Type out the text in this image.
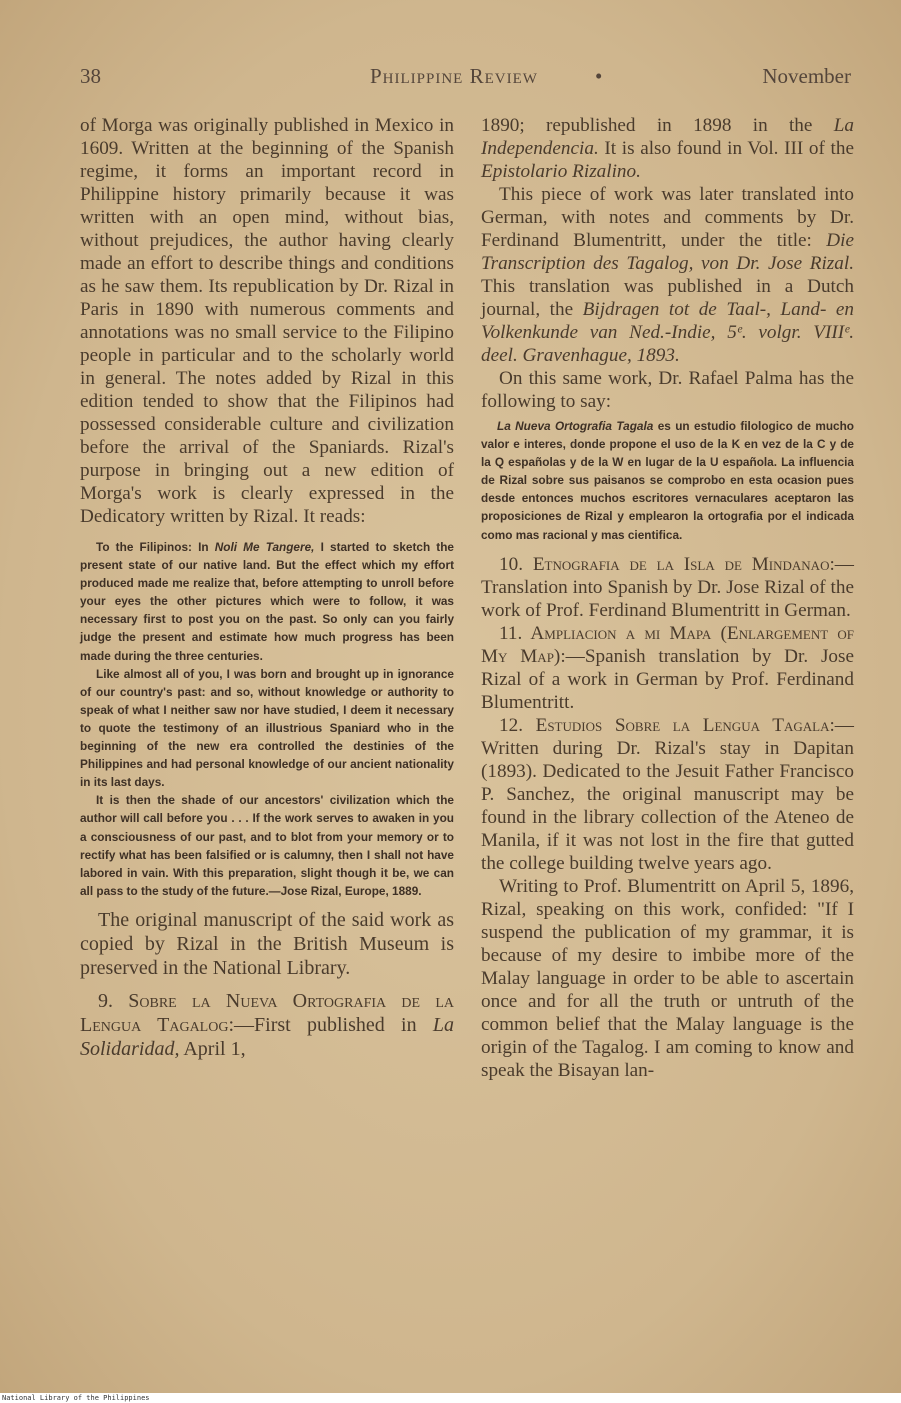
38	Philippine Review	•	November

of Morga was originally published in Mexico in 1609. Written at the beginning of the Spanish regime, it forms an important record in Philippine history primarily because it was written with an open mind, without bias, without prejudices, the author having clearly made an effort to describe things and conditions as he saw them. Its republication by Dr. Rizal in Paris in 1890 with numerous comments and annotations was no small service to the Filipino people in particular and to the scholarly world in general. The notes added by Rizal in this edition tended to show that the Filipinos had possessed considerable culture and civilization before the arrival of the Spaniards. Rizal's purpose in bringing out a new edition of Morga's work is clearly expressed in the Dedicatory written by Rizal. It reads:

To the Filipinos: In Noli Me Tangere, I started to sketch the present state of our native land. But the effect which my effort produced made me realize that, before attempting to unroll before your eyes the other pictures which were to follow, it was necessary first to post you on the past. So only can you fairly judge the present and estimate how much progress has been made during the three centuries.

Like almost all of you, I was born and brought up in ignorance of our country's past: and so, without knowledge or authority to speak of what I neither saw nor have studied, I deem it necessary to quote the testimony of an illustrious Spaniard who in the beginning of the new era controlled the destinies of the Philippines and had personal knowledge of our ancient nationality in its last days.

It is then the shade of our ancestors' civilization which the author will call before you . . . If the work serves to awaken in you a consciousness of our past, and to blot from your memory or to rectify what has been falsified or is calumny, then I shall not have labored in vain. With this preparation, slight though it be, we can all pass to the study of the future.—Jose Rizal, Europe, 1889.

The original manuscript of the said work as copied by Rizal in the British Museum is preserved in the National Library.

9. Sobre la Nueva Ortografia de la Lengua Tagalog:—First published in La Solidaridad, April 1,

1890; republished in 1898 in the La Independencia. It is also found in Vol. III of the Epistolario Rizalino.

This piece of work was later translated into German, with notes and comments by Dr. Ferdinand Blumentritt, under the title: Die Transcription des Tagalog, von Dr. Jose Rizal. This translation was published in a Dutch journal, the Bijdragen tot de Taal-, Land- en Volkenkunde van Ned.-Indie, 5ᵉ. volgr. VIIIᵉ. deel. Gravenhague, 1893.

On this same work, Dr. Rafael Palma has the following to say:

La Nueva Ortografia Tagala es un estudio filologico de mucho valor e interes, donde propone el uso de la K en vez de la C y de la Q españolas y de la W en lugar de la U española. La influencia de Rizal sobre sus paisanos se comprobo en esta ocasion pues desde entonces muchos escritores vernaculares aceptaron las proposiciones de Rizal y emplearon la ortografia por el indicada como mas racional y mas cientifica.

10. Etnografia de la Isla de Mindanao:—Translation into Spanish by Dr. Jose Rizal of the work of Prof. Ferdinand Blumentritt in German.

11. Ampliacion a mi Mapa (Enlargement of My Map):—Spanish translation by Dr. Jose Rizal of a work in German by Prof. Ferdinand Blumentritt.

12. Estudios Sobre la Lengua Tagala:—Written during Dr. Rizal's stay in Dapitan (1893). Dedicated to the Jesuit Father Francisco P. Sanchez, the original manuscript may be found in the library collection of the Ateneo de Manila, if it was not lost in the fire that gutted the college building twelve years ago.

Writing to Prof. Blumentritt on April 5, 1896, Rizal, speaking on this work, confided: "If I suspend the publication of my grammar, it is because of my desire to imbibe more of the Malay language in order to be able to ascertain once and for all the truth or untruth of the common belief that the Malay language is the origin of the Tagalog. I am coming to know and speak the Bisayan lan-

National Library of the Philippines
